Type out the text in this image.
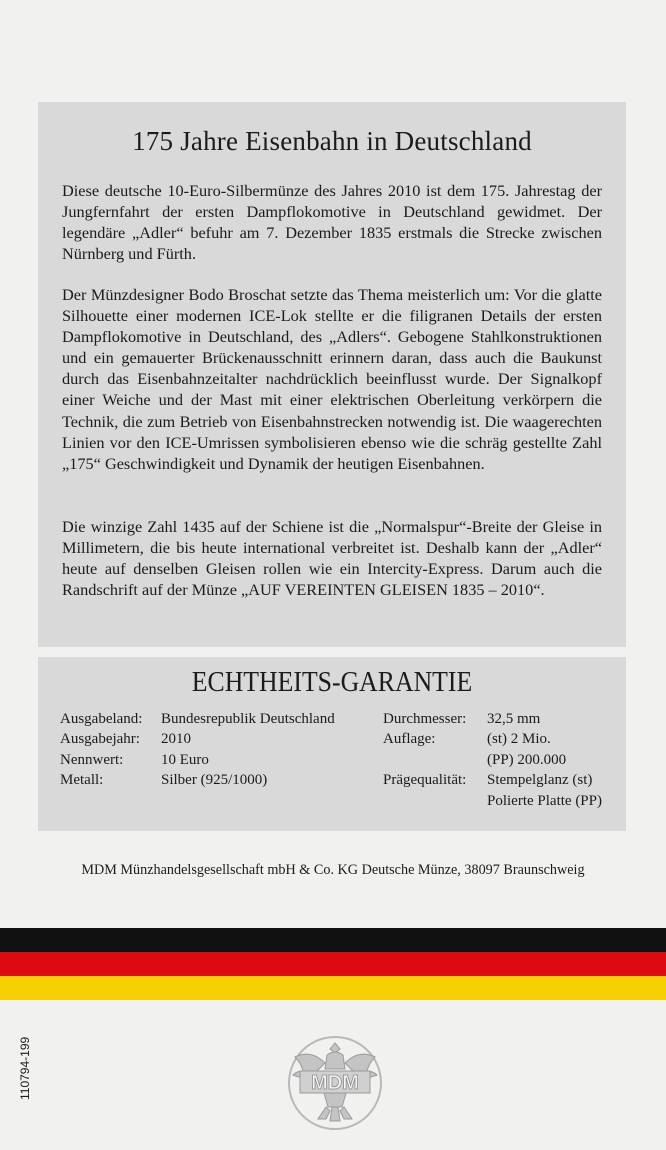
175 Jahre Eisenbahn in Deutschland
Diese deutsche 10-Euro-Silbermünze des Jahres 2010 ist dem 175. Jahrestag der Jungfernfahrt der ersten Dampflokomotive in Deutschland gewidmet. Der legendäre „Adler“ befuhr am 7. Dezember 1835 erstmals die Strecke zwischen Nürnberg und Fürth.
Der Münzdesigner Bodo Broschat setzte das Thema meisterlich um: Vor die glatte Silhouette einer modernen ICE-Lok stellte er die filigranen Details der ersten Dampflokomotive in Deutschland, des „Adlers“. Gebogene Stahlkonstruktionen und ein gemauerter Brückenausschnitt erinnern daran, dass auch die Baukunst durch das Eisenbahnzeitalter nachdrücklich beeinflusst wurde. Der Signalkopf einer Weiche und der Mast mit einer elektrischen Oberleitung verkörpern die Technik, die zum Betrieb von Eisenbahnstrecken notwendig ist. Die waagerechten Linien vor den ICE-Umrissen symbolisieren ebenso wie die schräg gestellte Zahl „175“ Geschwindigkeit und Dynamik der heutigen Eisenbahnen.
Die winzige Zahl 1435 auf der Schiene ist die „Normalspur“-Breite der Gleise in Millimetern, die bis heute international verbreitet ist. Deshalb kann der „Adler“ heute auf denselben Gleisen rollen wie ein Intercity-Express. Darum auch die Randschrift auf der Münze „AUF VEREINTEN GLEISEN 1835 – 2010“.
ECHTHEITS-GARANTIE
Ausgabeland:
Ausgabejahr:
Nennwert:
Metall:
Bundesrepublik Deutschland
2010
10 Euro
Silber (925/1000)
Durchmesser:
Auflage:

Prägequalität:
32,5 mm
(st) 2 Mio.
(PP) 200.000
Stempelglanz (st)
Polierte Platte (PP)
MDM Münzhandelsgesellschaft mbH & Co. KG Deutsche Münze, 38097 Braunschweig
110794-199	MDM
